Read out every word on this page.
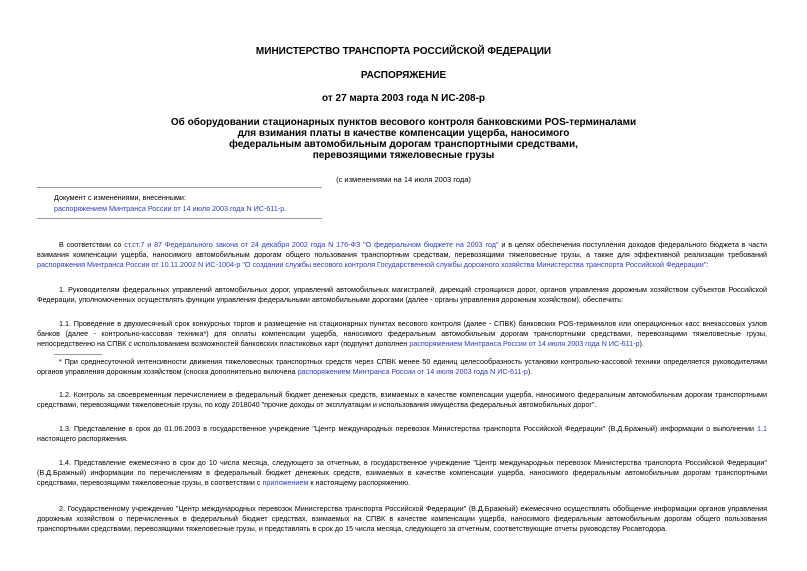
МИНИСТЕРСТВО ТРАНСПОРТА РОССИЙСКОЙ ФЕДЕРАЦИИ
РАСПОРЯЖЕНИЕ
от 27 марта 2003 года N ИС-208-р
Об оборудовании стационарных пунктов весового контроля банковскими POS-терминалами
для взимания платы в качестве компенсации ущерба, наносимого
федеральным автомобильным дорогам транспортными средствами,
перевозящими тяжеловесные грузы
(с изменениями на 14 июля 2003 года)
Документ с изменениями, внесенными:
распоряжением Минтранса России от 14 июля 2003 года N ИС-611-р.
В соответствии со ст.ст.7 и 87 Федерального закона от 24 декабря 2002 года N 176-ФЗ "О федеральном бюджете на 2003 год" и в целях обеспечения поступления доходов федерального бюджета в части взимания компенсации ущерба, наносимого автомобильным дорогам общего пользования транспортным средствам, перевозящими тяжеловесные грузы, а также для эффективной реализации требований распоряжения Минтранса России от 10.11.2002 N ИС-1004-р "О создании службы весового контроля Государственной службы дорожного хозяйства Министерства транспорта Российской Федерации":
1. Руководителям федеральных управлений автомобильных дорог, управлений автомобильных магистралей, дирекций строящихся дорог, органов управления дорожным хозяйством субъектов Российской Федерации, уполномоченных осуществлять функции управления федеральными автомобильными дорогами (далее - органы управления дорожным хозяйством), обеспечить:
1.1. Проведение в двухмесячный срок конкурсных торгов и размещение на стационарных пунктах весового контроля (далее - СПВК) банковских POS-терминалов или операционных касс внекассовых узлов банков (далее - контрольно-кассовая техника*) для оплаты компенсации ущерба, наносимого федеральным автомобильным дорогам транспортными средствами, перевозящими тяжеловесные грузы, непосредственно на СПВК с использованием возможностей банковских пластиковых карт (подпункт дополнен распоряжением Минтранса России от 14 июля 2003 года N ИС-611-р).
* При среднесуточной интенсивности движения тяжеловесных транспортных средств через СПВК менее 50 единиц целесообразность установки контрольно-кассовой техники определяется руководителями органов управления дорожным хозяйством (сноска дополнительно включена распоряжением Минтранса России от 14 июля 2003 года N ИС-611-р).
1.2. Контроль за своевременным перечислением в федеральный бюджет денежных средств, взимаемых в качестве компенсации ущерба, наносимого федеральным автомобильным дорогам транспортными средствами, перевозящими тяжеловесные грузы, по коду 2018040 "прочие доходы от эксплуатации и использования имущества федеральных автомобильных дорог".
1.3. Представление в срок до 01.06.2003 в государственное учреждение "Центр международных перевозок Министерства транспорта Российской Федерации" (В.Д.Бражный) информации о выполнении 1.1 настоящего распоряжения.
1.4. Представление ежемесячно в срок до 10 числа месяца, следующего за отчетным, в государственное учреждение "Центр международных перевозок Министерства транспорта Российской Федерации" (В.Д.Бражный) информации по перечислениям в федеральный бюджет денежных средств, взимаемых в качестве компенсации ущерба, наносимого федеральным автомобильным дорогам транспортными средствами, перевозящими тяжеловесные грузы, в соответствии с приложением к настоящему распоряжению.
2. Государственному учреждению "Центр международных перевозок Министерства транспорта Российской Федерации" (В.Д.Бражный) ежемесячно осуществлять обобщение информации органов управления дорожным хозяйством о перечисленных в федеральный бюджет средствах, взимаемых на СПВК в качестве компенсации ущерба, наносимого федеральным автомобильным дорогам общего пользования транспортными средствами, перевозящими тяжеловесные грузы, и представлять в срок до 15 числа месяца, следующего за отчетным, соответствующие отчеты руководству Росавтодора.
